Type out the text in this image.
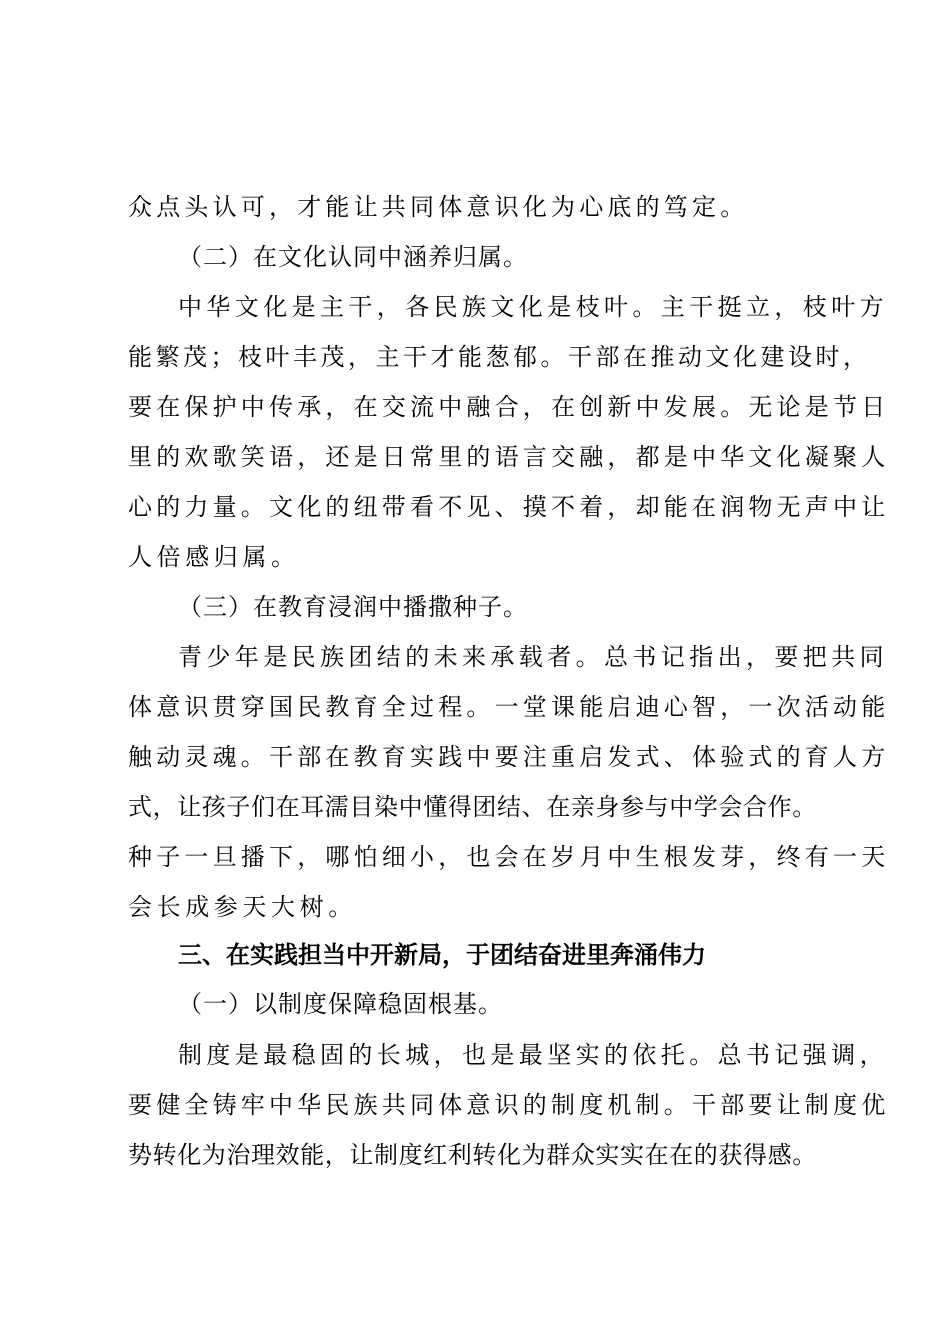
众点头认可，才能让共同体意识化为心底的笃定。
（二）在文化认同中涵养归属。
中华文化是主干，各民族文化是枝叶。主干挺立，枝叶方
能繁茂；枝叶丰茂，主干才能葱郁。干部在推动文化建设时，
要在保护中传承，在交流中融合，在创新中发展。无论是节日
里的欢歌笑语，还是日常里的语言交融，都是中华文化凝聚人
心的力量。文化的纽带看不见、摸不着，却能在润物无声中让
人倍感归属。
（三）在教育浸润中播撒种子。
青少年是民族团结的未来承载者。总书记指出，要把共同
体意识贯穿国民教育全过程。一堂课能启迪心智，一次活动能
触动灵魂。干部在教育实践中要注重启发式、体验式的育人方
式，让孩子们在耳濡目染中懂得团结、在亲身参与中学会合作。
种子一旦播下，哪怕细小，也会在岁月中生根发芽，终有一天
会长成参天大树。
三、在实践担当中开新局，于团结奋进里奔涌伟力
（一）以制度保障稳固根基。
制度是最稳固的长城，也是最坚实的依托。总书记强调，
要健全铸牢中华民族共同体意识的制度机制。干部要让制度优
势转化为治理效能，让制度红利转化为群众实实在在的获得感。
